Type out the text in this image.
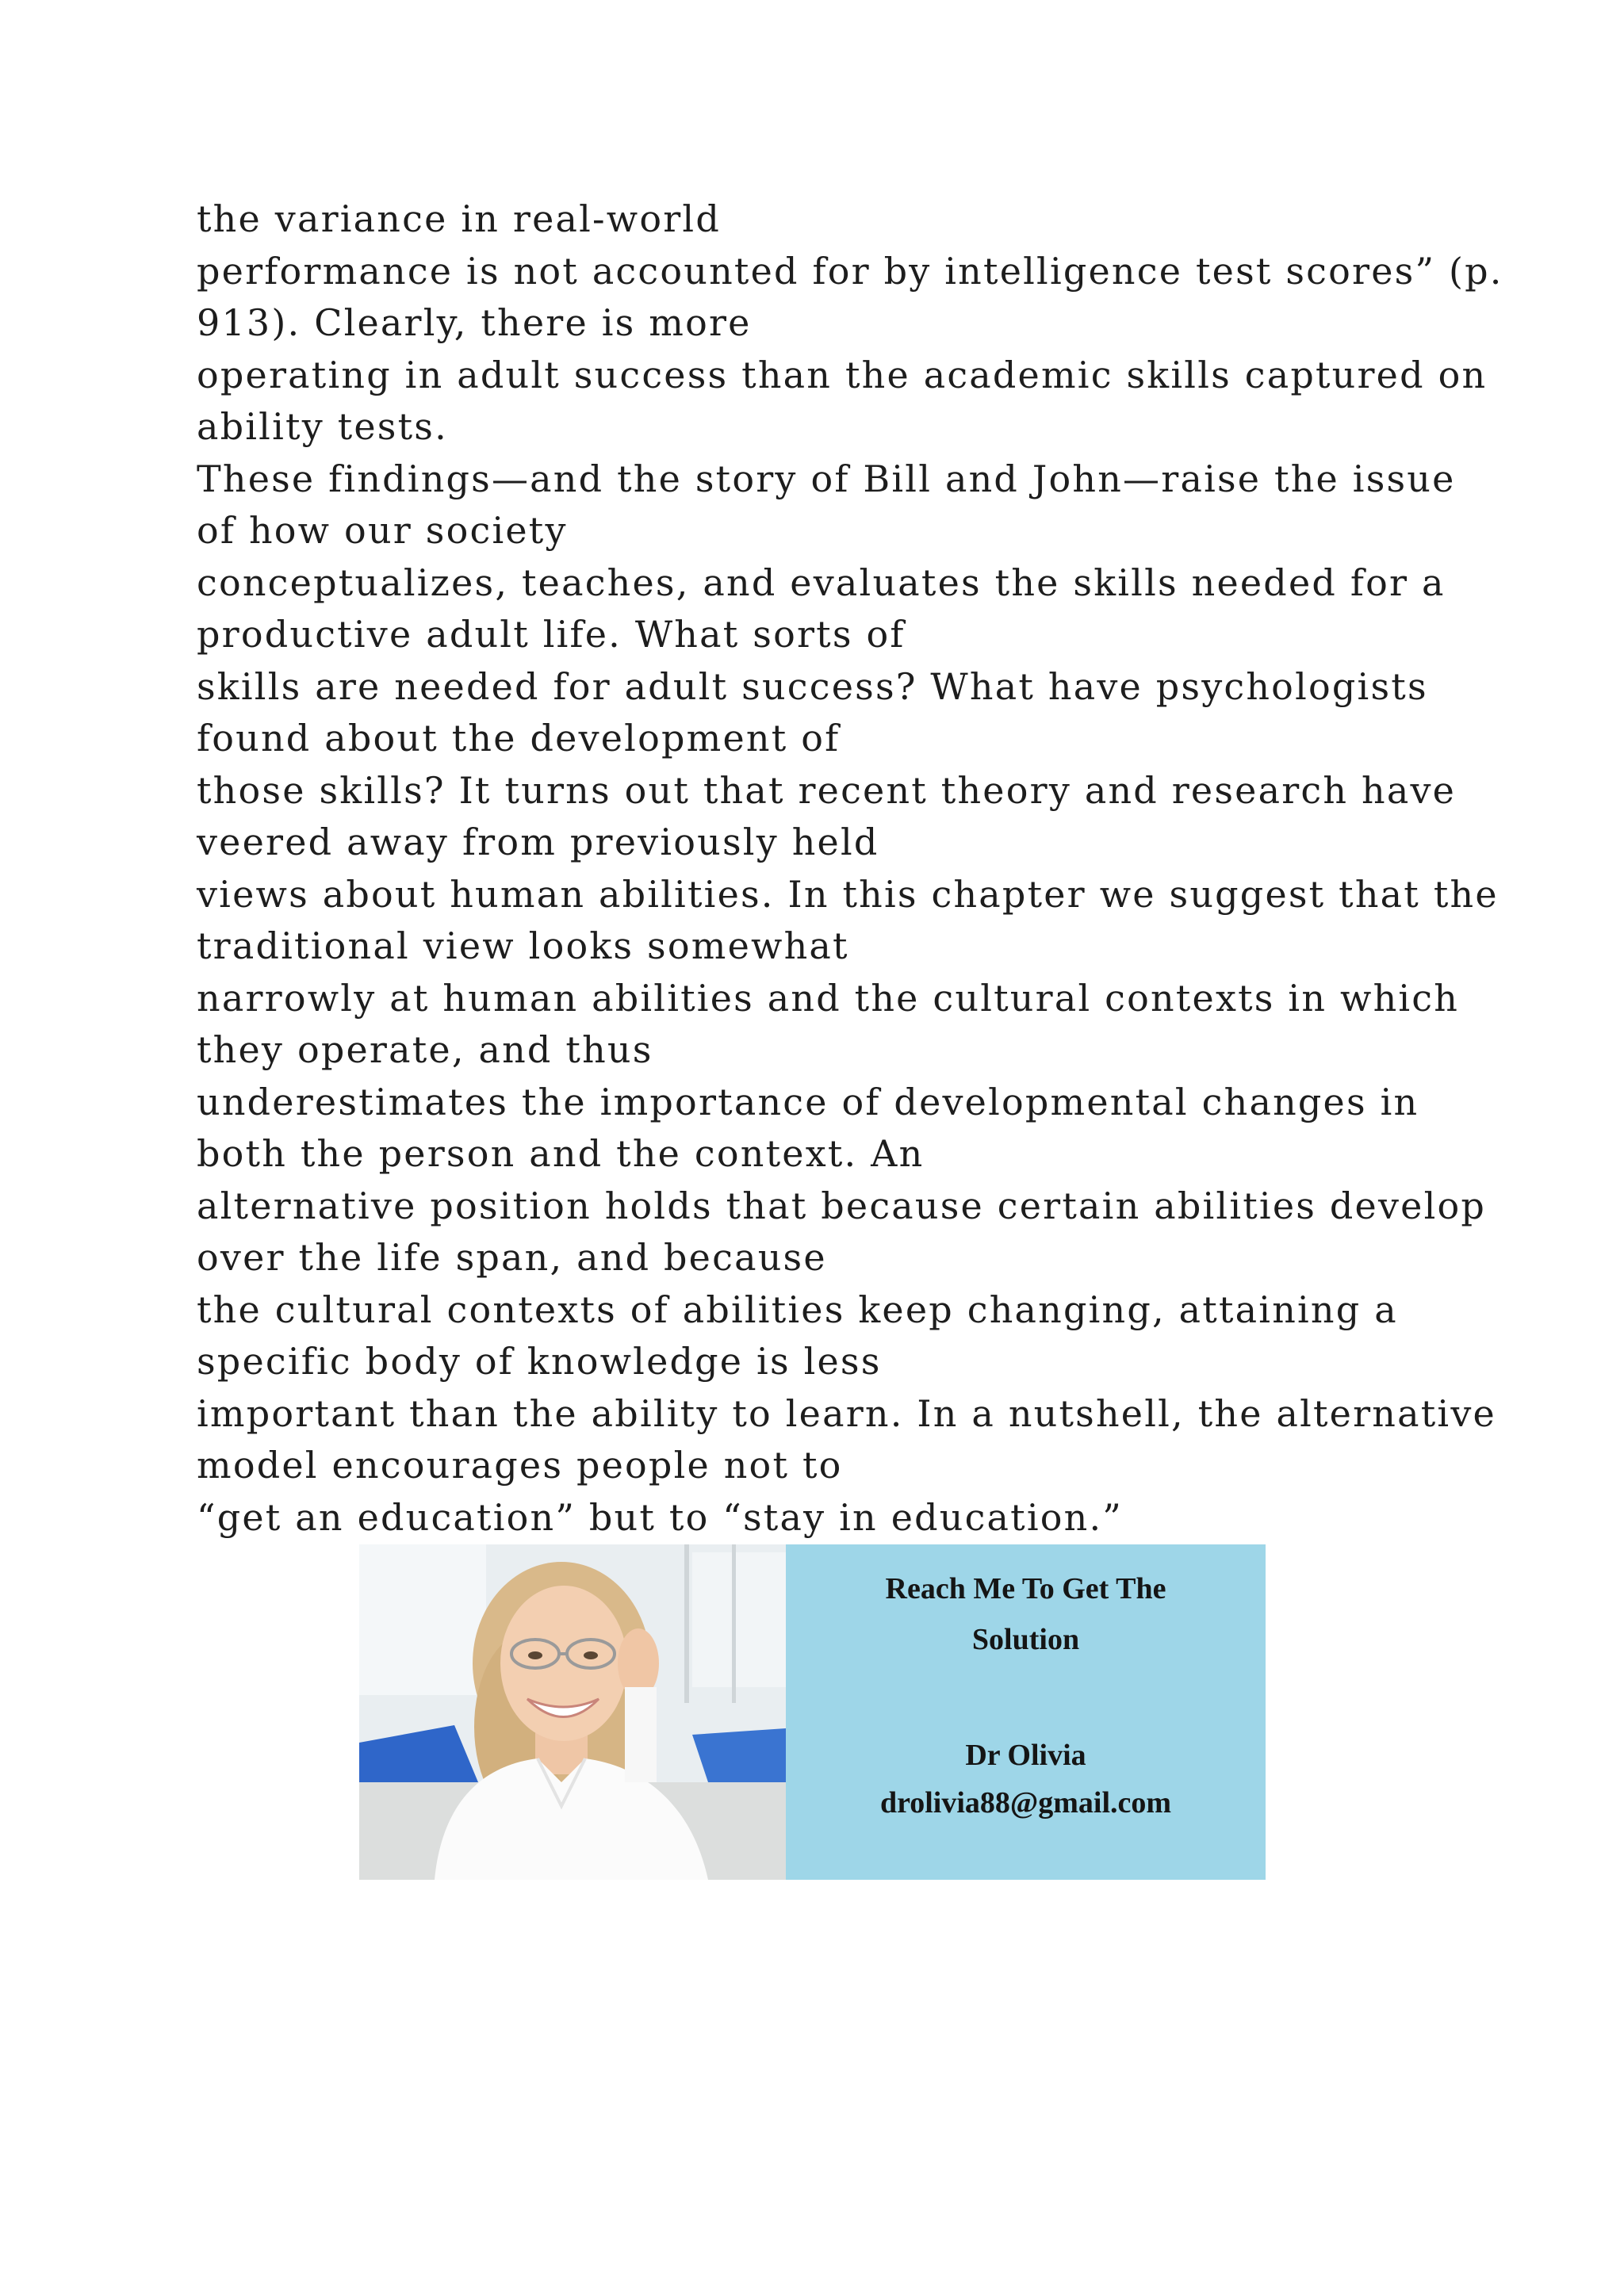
the variance in real-world
performance is not accounted for by intelligence test scores” (p.
913). Clearly, there is more
operating in adult success than the academic skills captured on
ability tests.
These findings—and the story of Bill and John—raise the issue
of how our society
conceptualizes, teaches, and evaluates the skills needed for a
productive adult life. What sorts of
skills are needed for adult success? What have psychologists
found about the development of
those skills? It turns out that recent theory and research have
veered away from previously held
views about human abilities. In this chapter we suggest that the
traditional view looks somewhat
narrowly at human abilities and the cultural contexts in which
they operate, and thus
underestimates the importance of developmental changes in
both the person and the context. An
alternative position holds that because certain abilities develop
over the life span, and because
the cultural contexts of abilities keep changing, attaining a
specific body of knowledge is less
important than the ability to learn. In a nutshell, the alternative
model encourages people not to
“get an education” but to “stay in education.”
Reach Me To Get The
Solution
Dr Olivia
drolivia88@gmail.com
